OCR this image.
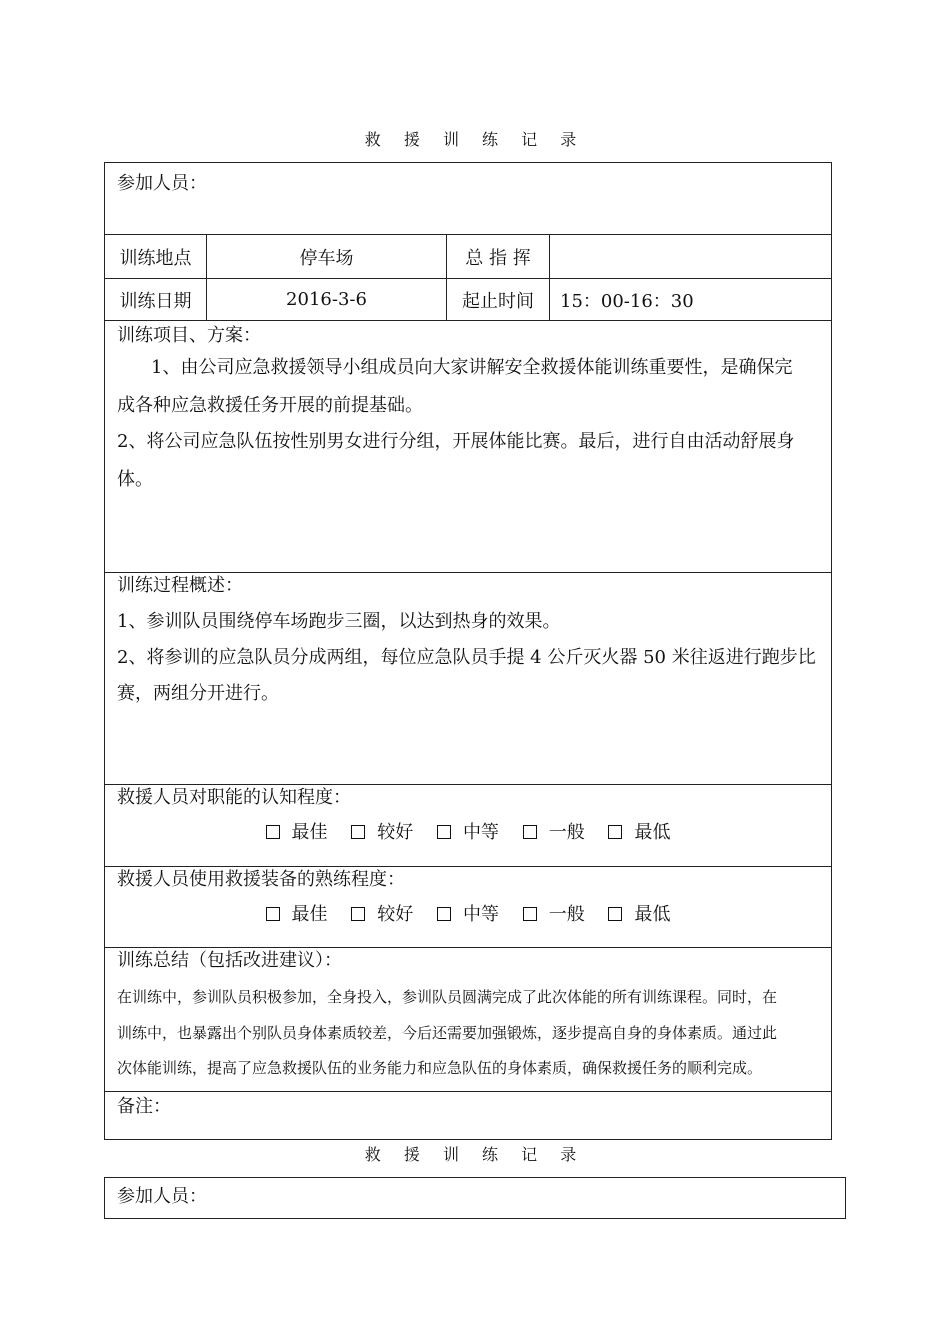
救 援 训 练 记 录
参加人员：
训练地点	停车场	总 指 挥
训练日期	2016-3-6	起止时间	15：00-16：30
训练项目、方案：
1、由公司应急救援领导小组成员向大家讲解安全救援体能训练重要性，是确保完
成各种应急救援任务开展的前提基础。
2、将公司应急队伍按性别男女进行分组，开展体能比赛。最后，进行自由活动舒展身
体。
训练过程概述：
1、参训队员围绕停车场跑步三圈，以达到热身的效果。
2、将参训的应急队员分成两组，每位应急队员手提 4 公斤灭火器 50 米往返进行跑步比
赛，两组分开进行。
救援人员对职能的认知程度：
最佳	较好	中等	一般	最低
救援人员使用救援装备的熟练程度：
最佳	较好	中等	一般	最低
训练总结（包括改进建议）：
在训练中，参训队员积极参加，全身投入，参训队员圆满完成了此次体能的所有训练课程。同时，在
训练中，也暴露出个别队员身体素质较差，今后还需要加强锻炼，逐步提高自身的身体素质。通过此
次体能训练，提高了应急救援队伍的业务能力和应急队伍的身体素质，确保救援任务的顺利完成。
备注：
救 援 训 练 记 录
参加人员：
